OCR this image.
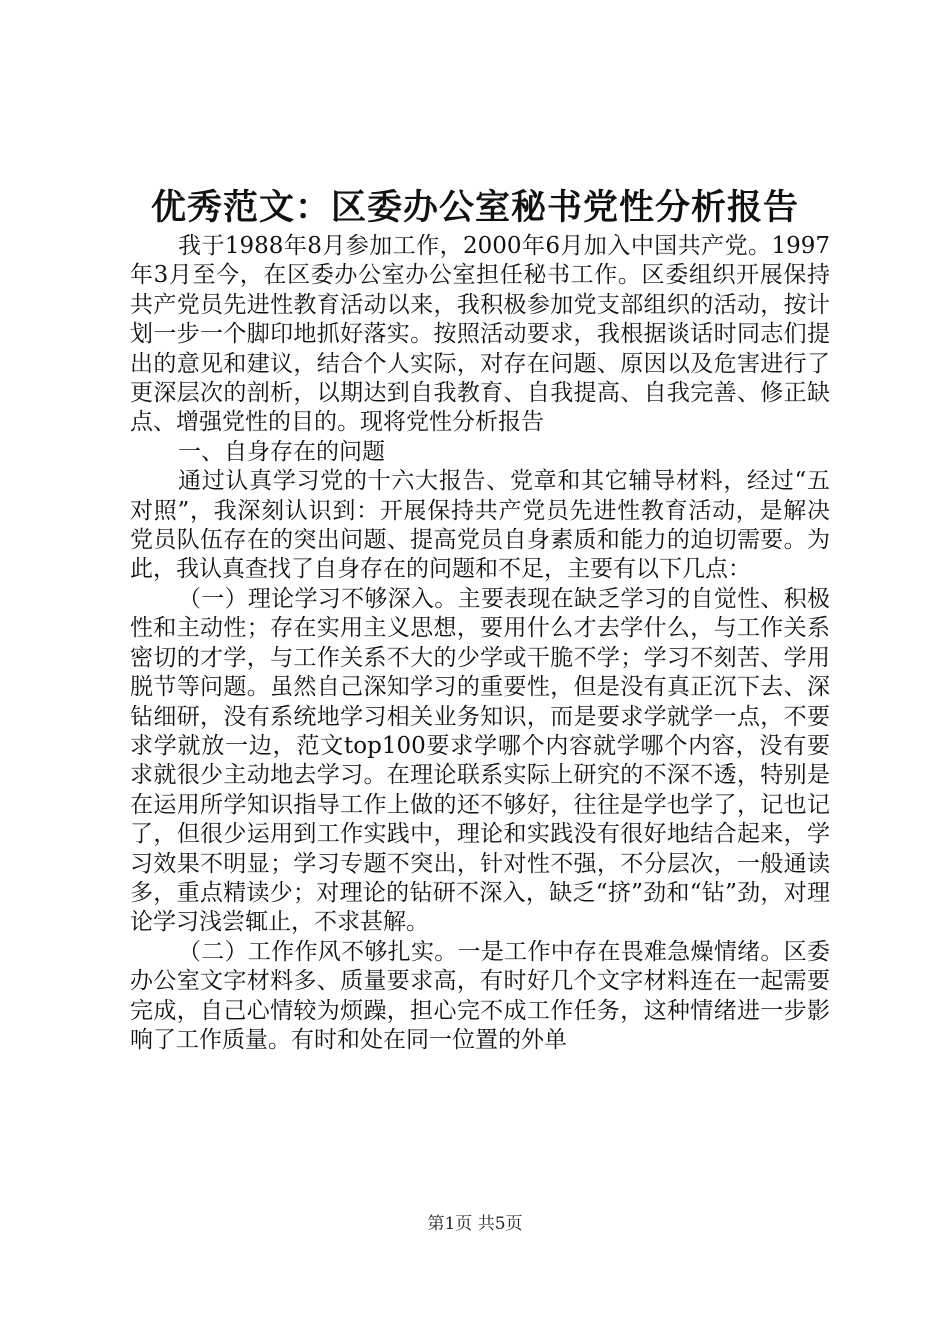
优秀范文：区委办公室秘书党性分析报告

我于1988年8月参加工作，2000年6月加入中国共产党。1997年3月至今，在区委办公室办公室担任秘书工作。区委组织开展保持共产党员先进性教育活动以来，我积极参加党支部组织的活动，按计划一步一个脚印地抓好落实。按照活动要求，我根据谈话时同志们提出的意见和建议，结合个人实际，对存在问题、原因以及危害进行了更深层次的剖析，以期达到自我教育、自我提高、自我完善、修正缺点、增强党性的目的。现将党性分析报告

一、自身存在的问题

通过认真学习党的十六大报告、党章和其它辅导材料，经过“五对照”，我深刻认识到：开展保持共产党员先进性教育活动，是解决党员队伍存在的突出问题、提高党员自身素质和能力的迫切需要。为此，我认真查找了自身存在的问题和不足，主要有以下几点：

（一）理论学习不够深入。主要表现在缺乏学习的自觉性、积极性和主动性；存在实用主义思想，要用什么才去学什么，与工作关系密切的才学，与工作关系不大的少学或干脆不学；学习不刻苦、学用脱节等问题。虽然自己深知学习的重要性，但是没有真正沉下去、深钻细研，没有系统地学习相关业务知识，而是要求学就学一点，不要求学就放一边，范文top100要求学哪个内容就学哪个内容，没有要求就很少主动地去学习。在理论联系实际上研究的不深不透，特别是在运用所学知识指导工作上做的还不够好，往往是学也学了，记也记了，但很少运用到工作实践中，理论和实践没有很好地结合起来，学习效果不明显；学习专题不突出，针对性不强，不分层次，一般通读多，重点精读少；对理论的钻研不深入，缺乏“挤”劲和“钻”劲，对理论学习浅尝辄止，不求甚解。

（二）工作作风不够扎实。一是工作中存在畏难急燥情绪。区委办公室文字材料多、质量要求高，有时好几个文字材料连在一起需要完成，自己心情较为烦躁，担心完不成工作任务，这种情绪进一步影响了工作质量。有时和处在同一位置的外单

第1页 共5页
